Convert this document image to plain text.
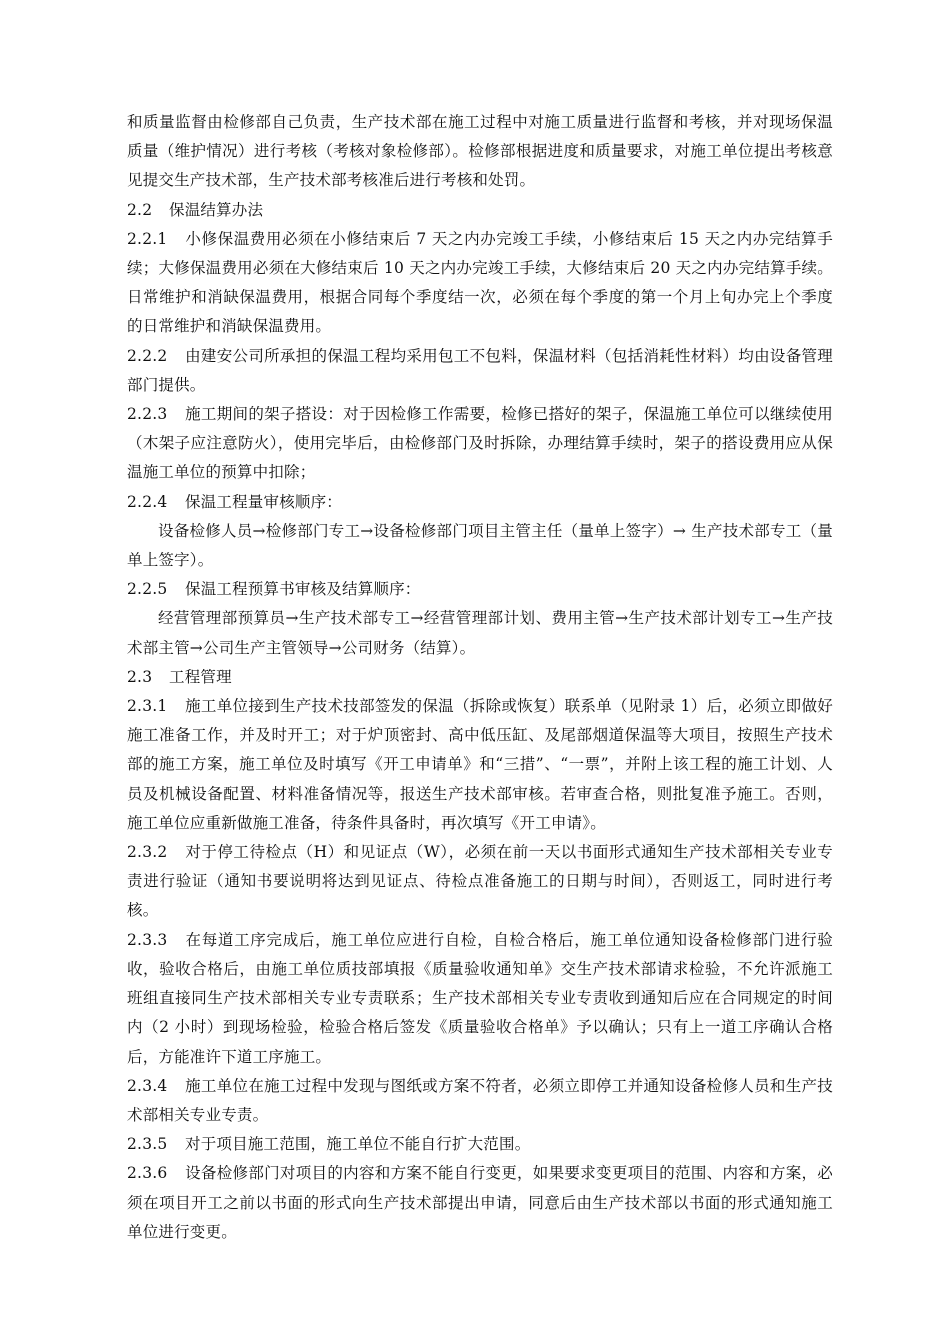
和质量监督由检修部自己负责，生产技术部在施工过程中对施工质量进行监督和考核，并对现场保温质量（维护情况）进行考核（考核对象检修部）。检修部根据进度和质量要求，对施工单位提出考核意见提交生产技术部，生产技术部考核准后进行考核和处罚。

2.2 保温结算办法

2.2.1 小修保温费用必须在小修结束后 7 天之内办完竣工手续，小修结束后 15 天之内办完结算手续；大修保温费用必须在大修结束后 10 天之内办完竣工手续，大修结束后 20 天之内办完结算手续。日常维护和消缺保温费用，根据合同每个季度结一次，必须在每个季度的第一个月上旬办完上个季度的日常维护和消缺保温费用。

2.2.2 由建安公司所承担的保温工程均采用包工不包料，保温材料（包括消耗性材料）均由设备管理部门提供。

2.2.3 施工期间的架子搭设：对于因检修工作需要，检修已搭好的架子，保温施工单位可以继续使用（木架子应注意防火），使用完毕后，由检修部门及时拆除，办理结算手续时，架子的搭设费用应从保温施工单位的预算中扣除；

2.2.4 保温工程量审核顺序：

设备检修人员→检修部门专工→设备检修部门项目主管主任（量单上签字）→ 生产技术部专工（量单上签字）。

2.2.5 保温工程预算书审核及结算顺序：

经营管理部预算员→生产技术部专工→经营管理部计划、费用主管→生产技术部计划专工→生产技术部主管→公司生产主管领导→公司财务（结算）。

2.3 工程管理

2.3.1 施工单位接到生产技术技部签发的保温（拆除或恢复）联系单（见附录 1）后，必须立即做好施工准备工作，并及时开工；对于炉顶密封、高中低压缸、及尾部烟道保温等大项目，按照生产技术部的施工方案，施工单位及时填写《开工申请单》和“三措”、“一票”，并附上该工程的施工计划、人员及机械设备配置、材料准备情况等，报送生产技术部审核。若审查合格，则批复准予施工。否则，施工单位应重新做施工准备，待条件具备时，再次填写《开工申请》。

2.3.2 对于停工待检点（H）和见证点（W），必须在前一天以书面形式通知生产技术部相关专业专责进行验证（通知书要说明将达到见证点、待检点准备施工的日期与时间），否则返工，同时进行考核。

2.3.3 在每道工序完成后，施工单位应进行自检，自检合格后，施工单位通知设备检修部门进行验收，验收合格后，由施工单位质技部填报《质量验收通知单》交生产技术部请求检验，不允许派施工班组直接同生产技术部相关专业专责联系；生产技术部相关专业专责收到通知后应在合同规定的时间内（2 小时）到现场检验，检验合格后签发《质量验收合格单》予以确认；只有上一道工序确认合格后，方能准许下道工序施工。

2.3.4 施工单位在施工过程中发现与图纸或方案不符者，必须立即停工并通知设备检修人员和生产技术部相关专业专责。

2.3.5 对于项目施工范围，施工单位不能自行扩大范围。

2.3.6 设备检修部门对项目的内容和方案不能自行变更，如果要求变更项目的范围、内容和方案，必须在项目开工之前以书面的形式向生产技术部提出申请，同意后由生产技术部以书面的形式通知施工单位进行变更。
